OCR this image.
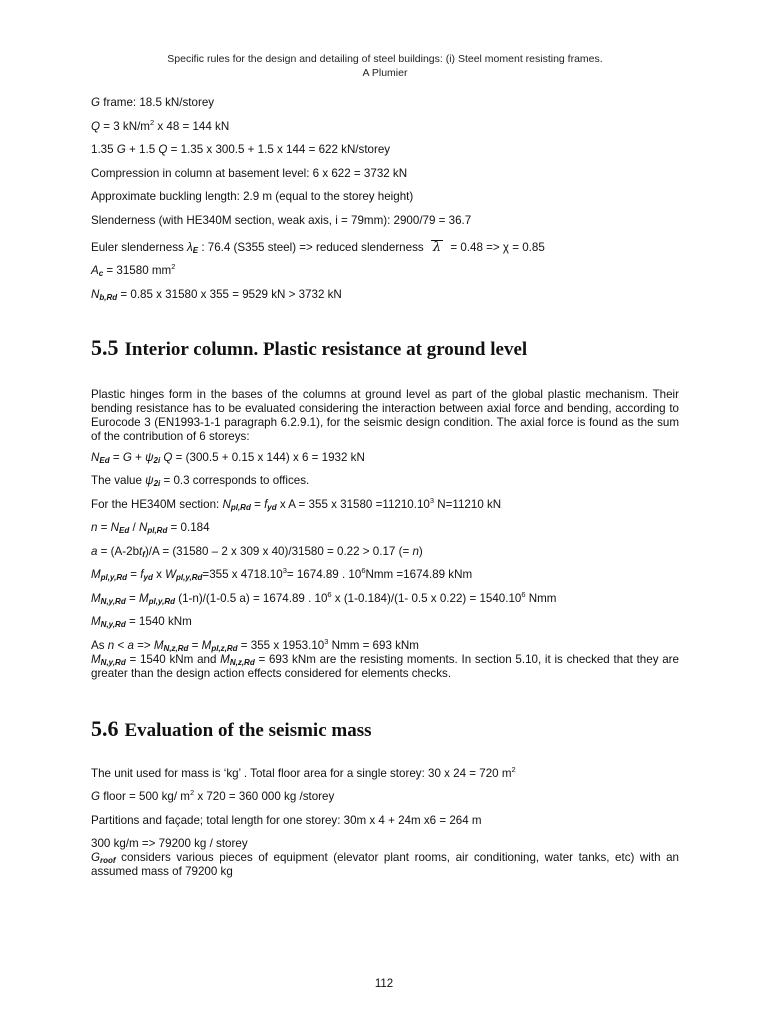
Specific rules for the design and detailing of steel buildings: (i) Steel moment resisting frames.
A Plumier

G frame: 18.5 kN/storey

Q = 3 $kN/m^2$ x 48 = 144 kN

1.35 G + 1.5 Q = 1.35 x 300.5 + 1.5 x 144 = 622 kN/storey

Compression in column at basement level: 6 x 622 = 3732 kN

Approximate buckling length: 2.9 m (equal to the storey height)

Slenderness (with HE340M section, weak axis, i = 79mm): 2900/79 = 36.7

Euler slenderness $\lambda_E$ : 76.4 (S355 steel) => reduced slenderness λ = 0.48 => χ = 0.85

$A_c = 31580$ $mm^2$

$N_{b,Rd} = 0.85$ x 31580 x 355 = 9529 kN > 3732 kN

5.5 Interior column. Plastic resistance at ground level

Plastic hinges form in the bases of the columns at ground level as part of the global plastic mechanism. Their bending resistance has to be evaluated considering the interaction between axial force and bending, according to Eurocode 3 (EN1993-1-1 paragraph 6.2.9.1), for the seismic design condition. The axial force is found as the sum of the contribution of 6 storeys:

$N_{Ed} = G + \psi_{2i}$ Q = (300.5 + 0.15 x 144) x 6 = 1932 kN

The value $\psi_{2i} = 0.3$ corresponds to offices.

For the HE340M section: $N_{pl,Rd} = f_{yd}$ x A = 355 x $31580 =11210.10^3$ N=11210 kN

$n = N_{Ed} / N_{pl,Rd} = 0.184$

$a = (A-2bt_f)/A = (31580 - 2$ x 309 x 40)/31580 = 0.22 > 0.17 (= n)

$M_{pl,y,Rd} = f_{yd}$ x $W_{pl,y,Rd}=355$ x $4718.10^3= 1674.89$ . $10^6Nmm =1674.89$ kNm

$M_{N,y,Rd} = M_{pl,y,Rd}$ (1-n)/(1-0.5 a) = 1674.89 . $10^6$ x (1-0.184)/(1- 0.5 x $0.22) = 1540.10^6$ Nmm

$M_{N,y,Rd} = 1540$ kNm

As $n < a => M_{N,z,Rd} = M_{pl,z,Rd} = 355$ x 1953.10$^3$ Nmm = 693 kNm

$M_{N,y,Rd} = 1540$ kNm and $M_{N,z,Rd} = 693$ kNm are the resisting moments. In section 5.10, it is checked that they are greater than the design action effects considered for elements checks.

5.6 Evaluation of the seismic mass

The unit used for mass is ‘kg’ . Total floor area for a single storey: 30 x 24 = 720 $m^2$

G floor = 500 kg/ $m^2$ x 720 = 360 000 kg /storey

Partitions and façade; total length for one storey: 30m x 4 + 24m x6 = 264 m

300 kg/m => 79200 kg / storey

$G_{roof}$ considers various pieces of equipment (elevator plant rooms, air conditioning, water tanks, etc) with an assumed mass of 79200 kg

112
